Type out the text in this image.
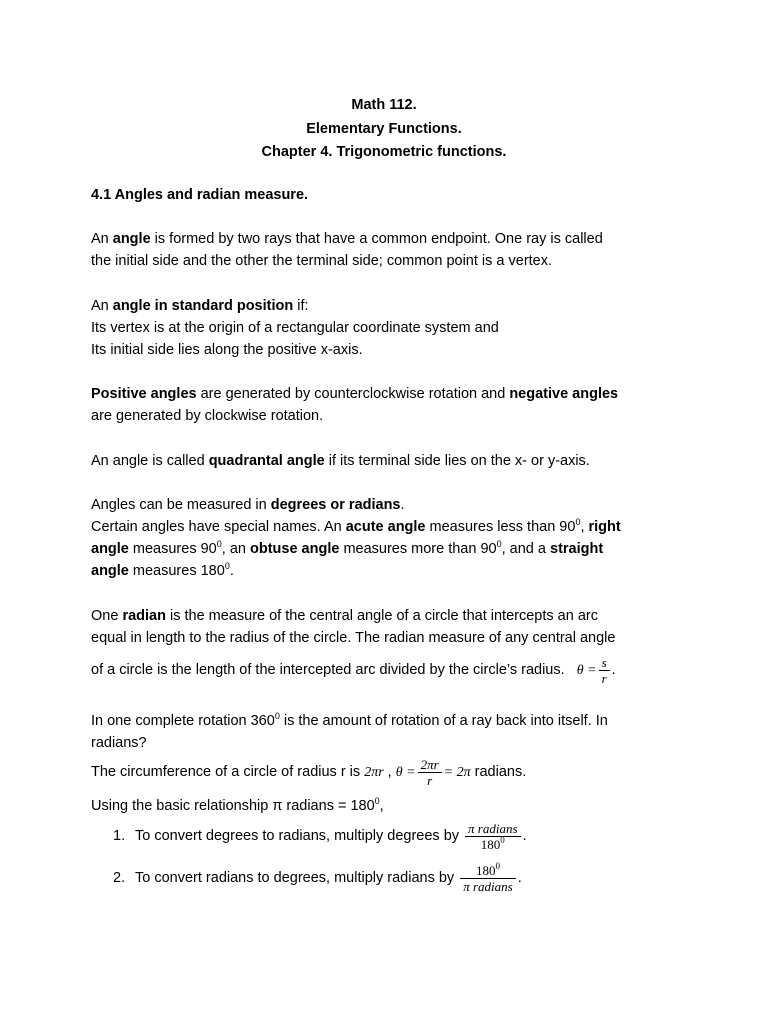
Math 112.
Elementary Functions.
Chapter 4. Trigonometric functions.
4.1 Angles and radian measure.
An angle is formed by two rays that have a common endpoint. One ray is called
the initial side and the other the terminal side; common point is a vertex.
An angle in standard position if:
Its vertex is at the origin of a rectangular coordinate system and
Its initial side lies along the positive x-axis.
Positive angles are generated by counterclockwise rotation and negative angles
are generated by clockwise rotation.
An angle is called quadrantal angle if its terminal side lies on the x- or y-axis.
Angles can be measured in degrees or radians.
Certain angles have special names. An acute angle measures less than $90^0$, right
angle measures $90^0$, an obtuse angle measures more than $90^0$, and a straight
angle measures $180^0$.
One radian is the measure of the central angle of a circle that intercepts an arc
equal in length to the radius of the circle. The radian measure of any central angle
of a circle is the length of the intercepted arc divided by the circle’s radius. $\theta = \frac{s}{r}$ .
In one complete rotation $360^0$ is the amount of rotation of a ray back into itself. In
radians?
The circumference of a circle of radius r is 2πr , $\theta = \frac{2\pi r}{r} = 2\pi$ radians.
Using the basic relationship π radians = $180^0$,
1. To convert degrees to radians, multiply degrees by $\frac{\text{π radians}}{180^0}$ .
2. To convert radians to degrees, multiply radians by $\frac{180^0}{\text{π radians}}$ .
